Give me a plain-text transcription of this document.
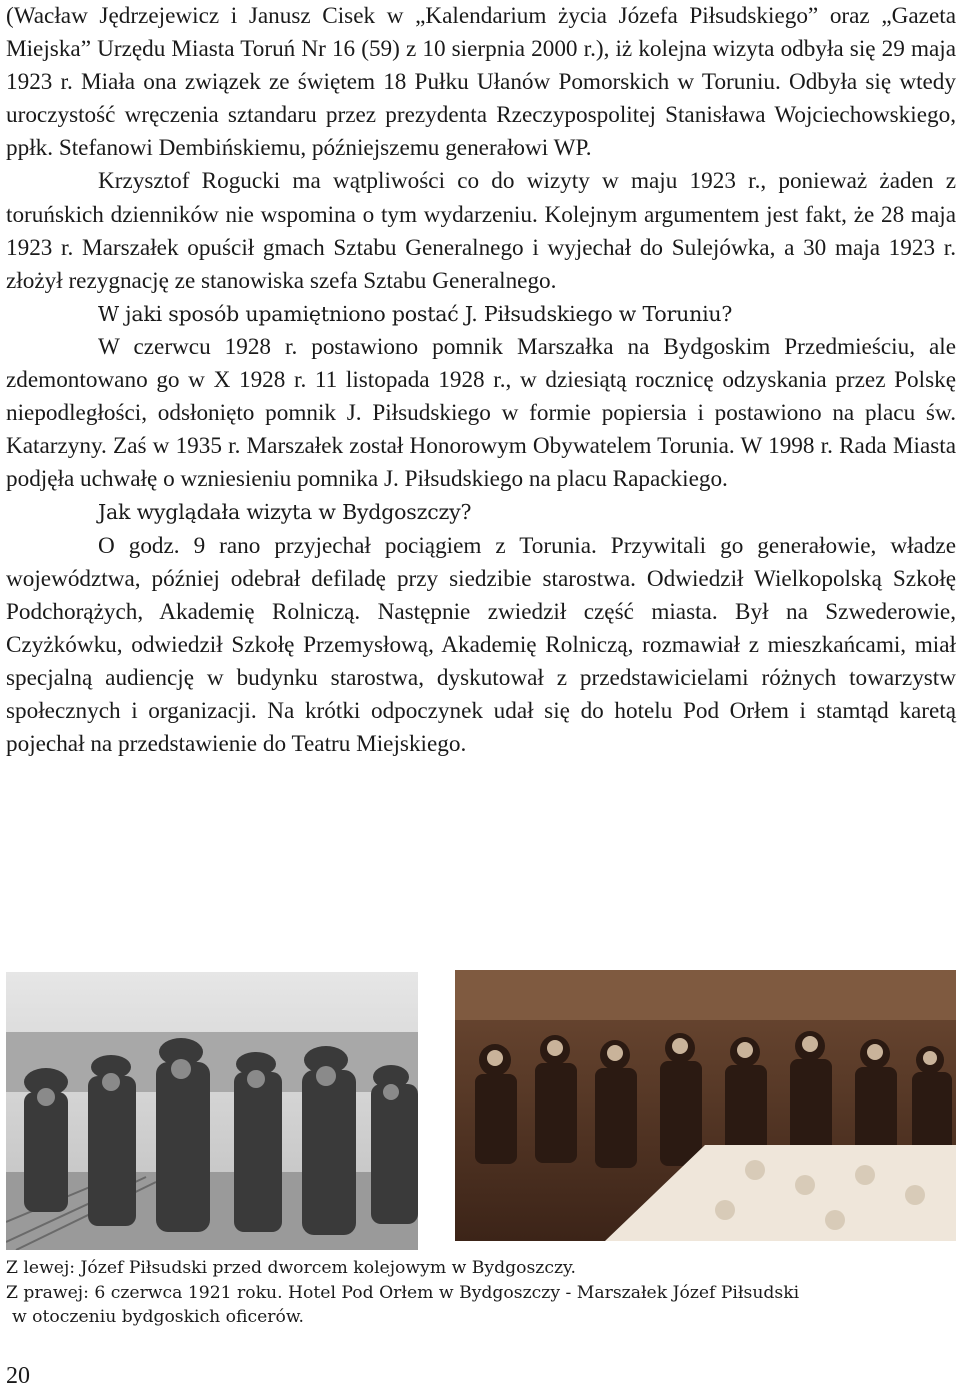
(Wacław Jędrzejewicz i Janusz Cisek w „Kalendarium życia Józefa Piłsudskiego” oraz „Gazeta Miejska” Urzędu Miasta Toruń Nr 16 (59) z 10 sierpnia 2000 r.), iż kolejna wizyta odbyła się 29 maja 1923 r. Miała ona związek ze świętem 18 Pułku Ułanów Pomorskich w Toruniu. Odbyła się wtedy uroczystość wręczenia sztandaru przez prezydenta Rzeczypospolitej Stanisława Wojciechowskiego, ppłk. Stefanowi Dembińskiemu, późniejszemu generałowi WP.

Krzysztof Rogucki ma wątpliwości co do wizyty w maju 1923 r., ponieważ żaden z toruńskich dzienników nie wspomina o tym wydarzeniu. Kolejnym argumentem jest fakt, że 28 maja 1923 r. Marszałek opuścił gmach Sztabu Generalnego i wyjechał do Sulejówka, a 30 maja 1923 r. złożył rezygnację ze stanowiska szefa Sztabu Generalnego.

W jaki sposób upamiętniono postać J. Piłsudskiego w Toruniu?

W czerwcu 1928 r. postawiono pomnik Marszałka na Bydgoskim Przedmieściu, ale zdemontowano go w X 1928 r. 11 listopada 1928 r., w dziesiątą rocznicę odzyskania przez Polskę niepodległości, odsłonięto pomnik J. Piłsudskiego w formie popiersia i postawiono na placu św. Katarzyny. Zaś w 1935 r. Marszałek został Honorowym Obywatelem Torunia. W 1998 r. Rada Miasta podjęła uchwałę o wzniesieniu pomnika J. Piłsudskiego na placu Rapackiego.

Jak wyglądała wizyta w Bydgoszczy?

O godz. 9 rano przyjechał pociągiem z Torunia. Przywitali go generałowie, władze województwa, później odebrał defiladę przy siedzibie starostwa. Odwiedził Wielkopolską Szkołę Podchorążych, Akademię Rolniczą. Następnie zwiedził część miasta. Był na Szwederowie, Czyżkówku, odwiedził Szkołę Przemysłową, Akademię Rolniczą, rozmawiał z mieszkańcami, miał specjalną audiencję w budynku starostwa, dyskutował z przedstawicielami różnych towarzystw społecznych i organizacji. Na krótki odpoczynek udał się do hotelu Pod Orłem i stamtąd karetą pojechał na przedstawienie do Teatru Miejskiego.

Z lewej: Józef Piłsudski przed dworcem kolejowym w Bydgoszczy.

Z prawej: 6 czerwca 1921 roku. Hotel Pod Orłem w Bydgoszczy - Marszałek Józef Piłsudski

w otoczeniu bydgoskich oficerów.

20
